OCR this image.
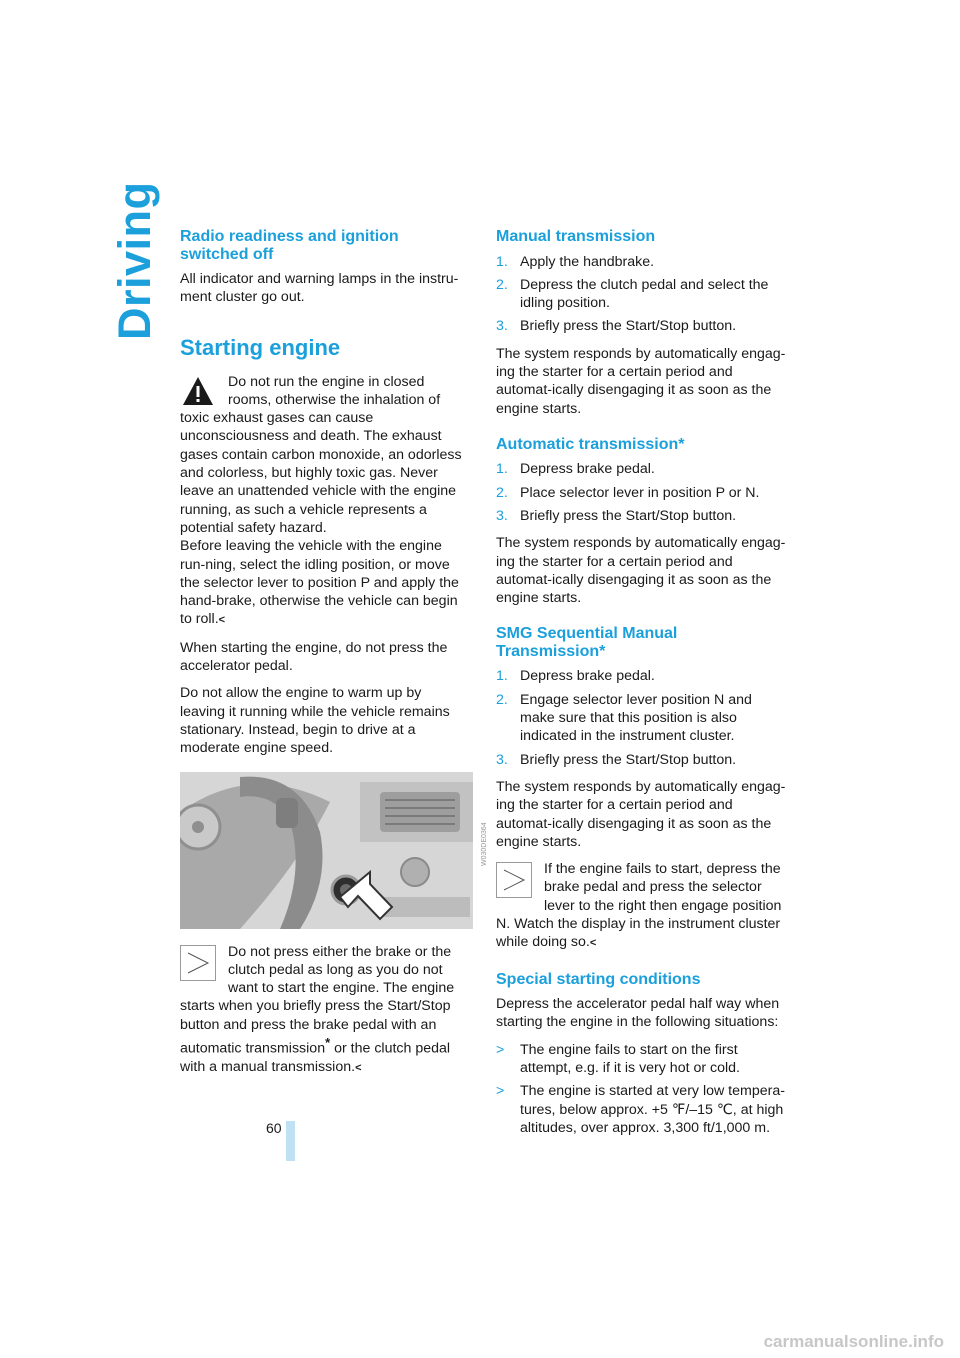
Driving Radio readiness and ignition switched off

All indicator and warning lamps in the instru-ment cluster go out.

Starting engine
Do not run the engine in closed rooms, otherwise the inhalation of toxic exhaust gases can cause unconsciousness and death. The exhaust gases contain carbon monoxide, an odorless and colorless, but highly toxic gas. Never leave an unattended vehicle with the engine running, as such a vehicle represents a potential safety hazard.
Before leaving the vehicle with the engine run-ning, select the idling position, or move the selector lever to position P and apply the hand-brake, otherwise the vehicle can begin to roll.<

When starting the engine, do not press the accelerator pedal.

Do not allow the engine to warm up by leaving it running while the vehicle remains stationary. Instead, begin to drive at a moderate engine speed.

W030DE0364
Do not press either the brake or the clutch pedal as long as you do not want to start the engine. The engine starts when you briefly press the Start/Stop button and press the brake pedal with an automatic transmission* or the clutch pedal with a manual transmission.<
Manual transmission
1. Apply the handbrake.
2. Depress the clutch pedal and select the idling position.
3. Briefly press the Start/Stop button.

The system responds by automatically engag-ing the starter for a certain period and automat-ically disengaging it as soon as the engine starts.

Automatic transmission*
1. Depress brake pedal.
2. Place selector lever in position P or N.
3. Briefly press the Start/Stop button.

The system responds by automatically engag-ing the starter for a certain period and automat-ically disengaging it as soon as the engine starts.

SMG Sequential Manual Transmission*
1. Depress brake pedal.
2. Engage selector lever position N and make sure that this position is also indicated in the instrument cluster.
3. Briefly press the Start/Stop button.

The system responds by automatically engag-ing the starter for a certain period and automat-ically disengaging it as soon as the engine starts.

If the engine fails to start, depress the brake pedal and press the selector lever to the right then engage position N. Watch the display in the instrument cluster while doing so.<
Special starting conditions

Depress the accelerator pedal half way when starting the engine in the following situations:

> The engine fails to start on the first attempt, e.g. if it is very hot or cold.
> The engine is started at very low tempera-tures, below approx. +5 ℉/–15 ℃, at high altitudes, over approx. 3,300 ft/1,000 m.
60
carmanualsonline.info
